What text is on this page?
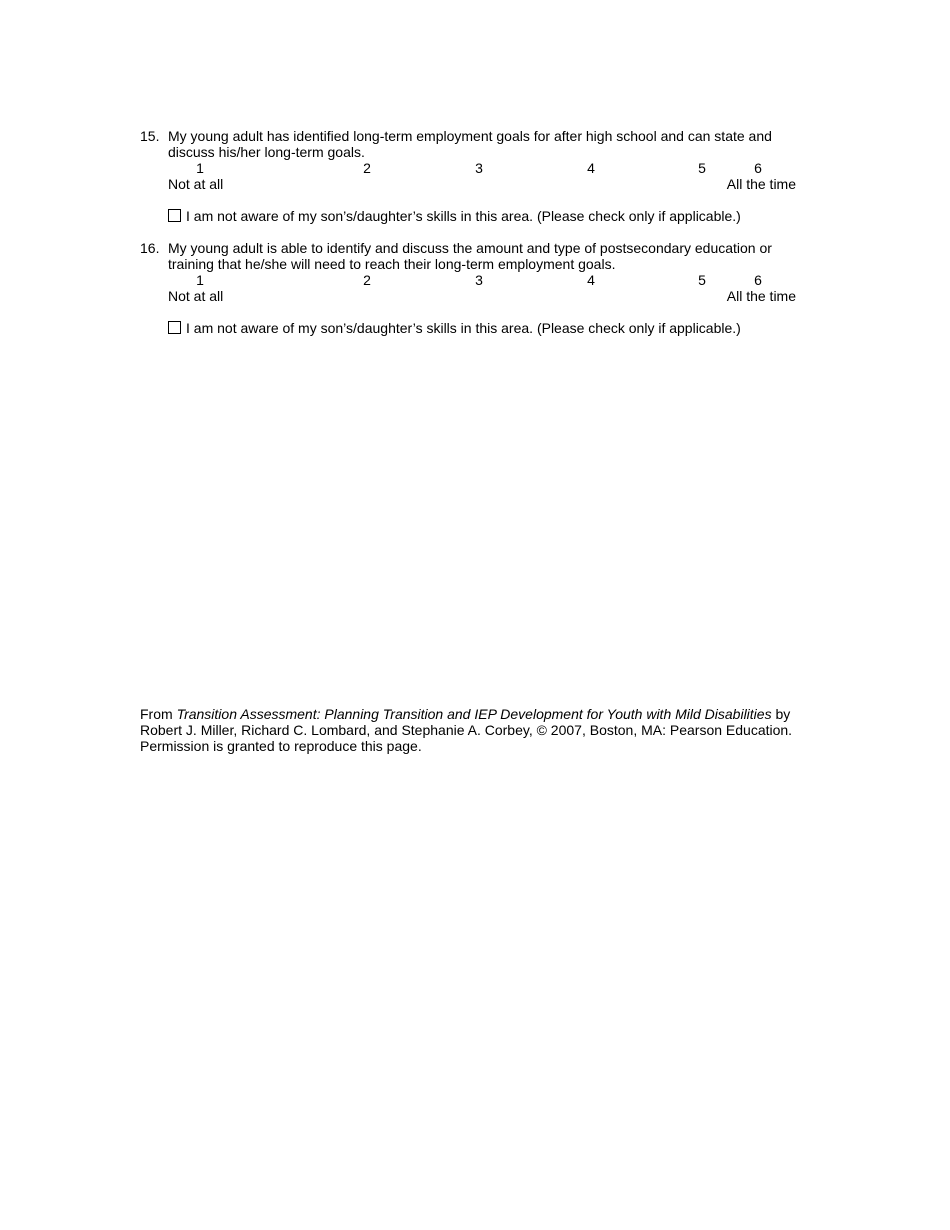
15. My young adult has identified long-term employment goals for after high school and can state and discuss his/her long-term goals.
1	2	3	4	5	6
Not at all	All the time
I am not aware of my son’s/daughter’s skills in this area. (Please check only if applicable.)
16. My young adult is able to identify and discuss the amount and type of postsecondary education or training that he/she will need to reach their long-term employment goals.
1	2	3	4	5	6
Not at all	All the time
I am not aware of my son’s/daughter’s skills in this area. (Please check only if applicable.)
From Transition Assessment: Planning Transition and IEP Development for Youth with Mild Disabilities by
Robert J. Miller, Richard C. Lombard, and Stephanie A. Corbey, © 2007, Boston, MA: Pearson Education.
Permission is granted to reproduce this page.
